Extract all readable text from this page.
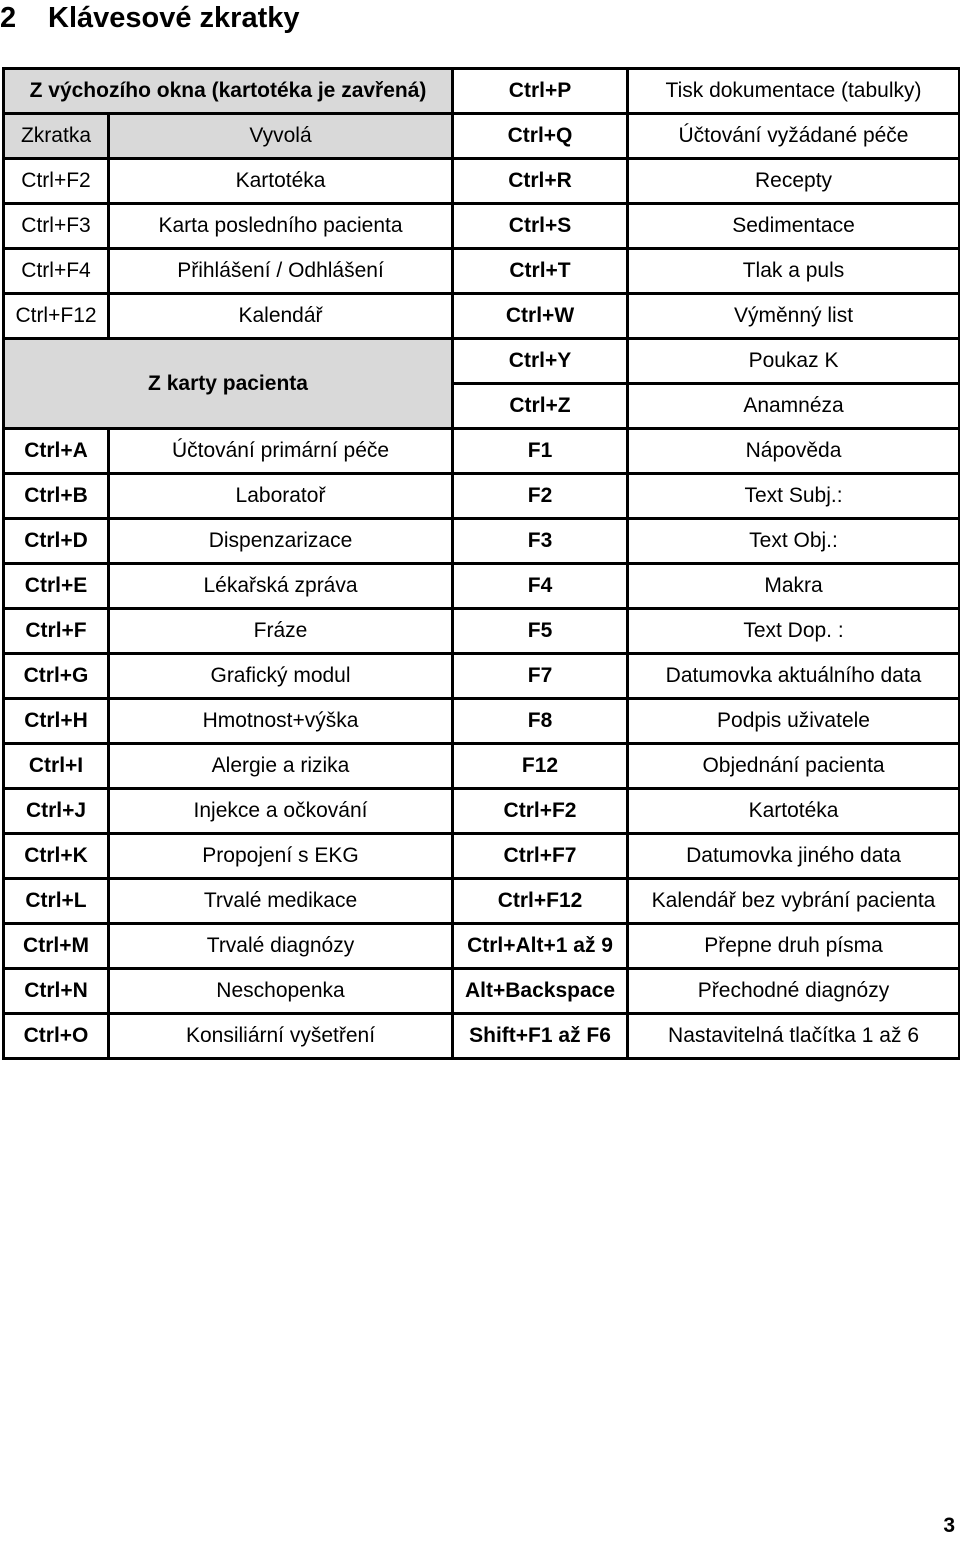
2 Klávesové zkratky
Z výchozího okna (kartotéka je zavřená)		Ctrl+P	Tisk dokumentace (tabulky)
Zkratka	Vyvolá	Ctrl+Q	Účtování vyžádané péče
Ctrl+F2	Kartotéka	Ctrl+R	Recepty
Ctrl+F3	Karta posledního pacienta	Ctrl+S	Sedimentace
Ctrl+F4	Přihlášení / Odhlášení	Ctrl+T	Tlak a puls
Ctrl+F12	Kalendář	Ctrl+W	Výměnný list
Z karty pacienta		Ctrl+Y	Poukaz K
		Ctrl+Z	Anamnéza
Ctrl+A	Účtování primární péče	F1	Nápověda
Ctrl+B	Laboratoř	F2	Text Subj.:
Ctrl+D	Dispenzarizace	F3	Text Obj.:
Ctrl+E	Lékařská zpráva	F4	Makra
Ctrl+F	Fráze	F5	Text Dop. :
Ctrl+G	Grafický modul	F7	Datumovka aktuálního data
Ctrl+H	Hmotnost+výška	F8	Podpis uživatele
Ctrl+I	Alergie a rizika	F12	Objednání pacienta
Ctrl+J	Injekce a očkování	Ctrl+F2	Kartotéka
Ctrl+K	Propojení s EKG	Ctrl+F7	Datumovka jiného data
Ctrl+L	Trvalé medikace	Ctrl+F12	Kalendář bez vybrání pacienta
Ctrl+M	Trvalé diagnózy	Ctrl+Alt+1 až 9	Přepne druh písma
Ctrl+N	Neschopenka	Alt+Backspace	Přechodné diagnózy
Ctrl+O	Konsiliární vyšetření	Shift+F1 až F6	Nastavitelná tlačítka 1 až 6
3
